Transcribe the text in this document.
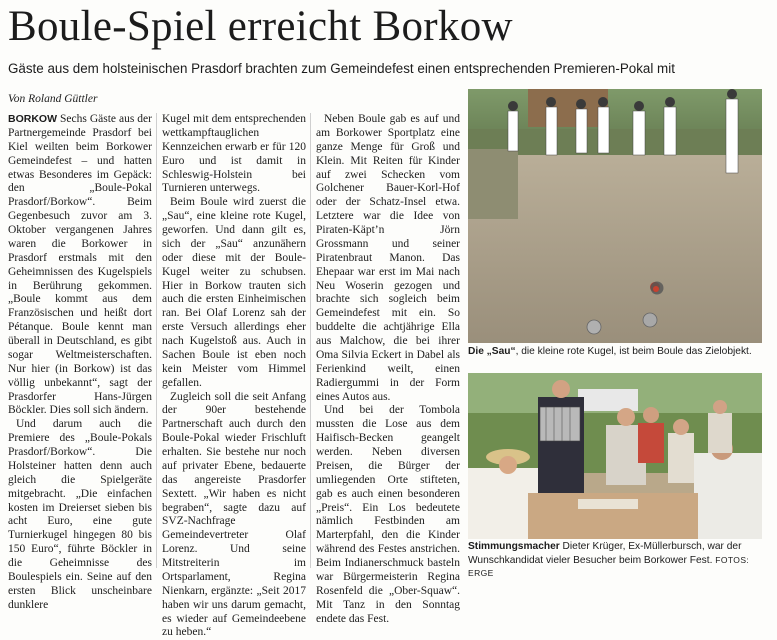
Boule-Spiel erreicht Borkow
Gäste aus dem holsteinischen Prasdorf brachten zum Gemeindefest einen entsprechenden Premieren-Pokal mit
Von Roland Güttler

BORKOW Sechs Gäste aus der Partnergemeinde Prasdorf bei Kiel weilten beim Borkower Gemeindefest – und hatten etwas Besonderes im Gepäck: den „Boule-Pokal Prasdorf/Borkow“. Beim Gegenbesuch zuvor am 3. Oktober vergangenen Jahres waren die Borkower in Prasdorf erstmals mit den Geheimnissen des Kugelspiels in Berührung gekommen. „Boule kommt aus dem Französischen und heißt dort Pétanque. Boule kennt man überall in Deutschland, es gibt sogar Weltmeisterschaften. Nur hier (in Borkow) ist das völlig unbekannt“, sagt der Prasdorfer Hans-Jürgen Böckler. Dies soll sich ändern.

Und darum auch die Premiere des „Boule-Pokals Prasdorf/Borkow“. Die Holsteiner hatten denn auch gleich die Spielgeräte mitgebracht. „Die einfachen kosten im Dreierset sieben bis acht Euro, eine gute Turnierkugel hingegen 80 bis 150 Euro“, führte Böckler in die Geheimnisse des Boulespiels ein. Seine auf den ersten Blick unscheinbare dunklere

Kugel mit dem entsprechenden wettkampftauglichen Kennzeichen erwarb er für 120 Euro und ist damit in Schleswig-Holstein bei Turnieren unterwegs.

Beim Boule wird zuerst die „Sau“, eine kleine rote Kugel, geworfen. Und dann gilt es, sich der „Sau“ anzunähern oder diese mit der Boule-Kugel weiter zu schubsen. Hier in Borkow trauten sich auch die ersten Einheimischen ran. Bei Olaf Lorenz sah der erste Versuch allerdings eher nach Kugelstoß aus. Auch in Sachen Boule ist eben noch kein Meister vom Himmel gefallen.

Zugleich soll die seit Anfang der 90er bestehende Partnerschaft auch durch den Boule-Pokal wieder Frischluft erhalten. Sie bestehe nur noch auf privater Ebene, bedauerte das angereiste Prasdorfer Sextett. „Wir haben es nicht begraben“, sagte dazu auf SVZ-Nachfrage Gemeindevertreter Olaf Lorenz. Und seine Mitstreiterin im Ortsparlament, Regina Nienkarn, ergänzte: „Seit 2017 haben wir uns darum gemacht, es wieder auf Gemeindeebene zu heben.“

Neben Boule gab es auf und am Borkower Sportplatz eine ganze Menge für Groß und Klein. Mit Reiten für Kinder auf zwei Schecken vom Golchener Bauer-Korl-Hof oder der Schatz-Insel etwa. Letztere war die Idee von Piraten-Käpt’n Jörn Grossmann und seiner Piratenbraut Manon. Das Ehepaar war erst im Mai nach Neu Woserin gezogen und brachte sich sogleich beim Gemeindefest mit ein. So buddelte die achtjährige Ella aus Malchow, die bei ihrer Oma Silvia Eckert in Dabel als Ferienkind weilt, einen Radiergummi in der Form eines Autos aus.

Und bei der Tombola mussten die Lose aus dem Haifisch-Becken geangelt werden. Neben diversen Preisen, die Bürger der umliegenden Orte stifteten, gab es auch einen besonderen „Preis“. Ein Los bedeutete nämlich Festbinden am Marterpfahl, den die Kinder während des Festes anstrichen. Beim Indianerschmuck basteln war Bürgermeisterin Regina Rosenfeld die „Ober-Squaw“. Mit Tanz in den Sonntag endete das Fest.

Die „Sau“, die kleine rote Kugel, ist beim Boule das Zielobjekt.
Stimmungsmacher Dieter Krüger, Ex-Müllerbursch, war der Wunschkandidat vieler Besucher beim Borkower Fest. FOTOS: ERGE
